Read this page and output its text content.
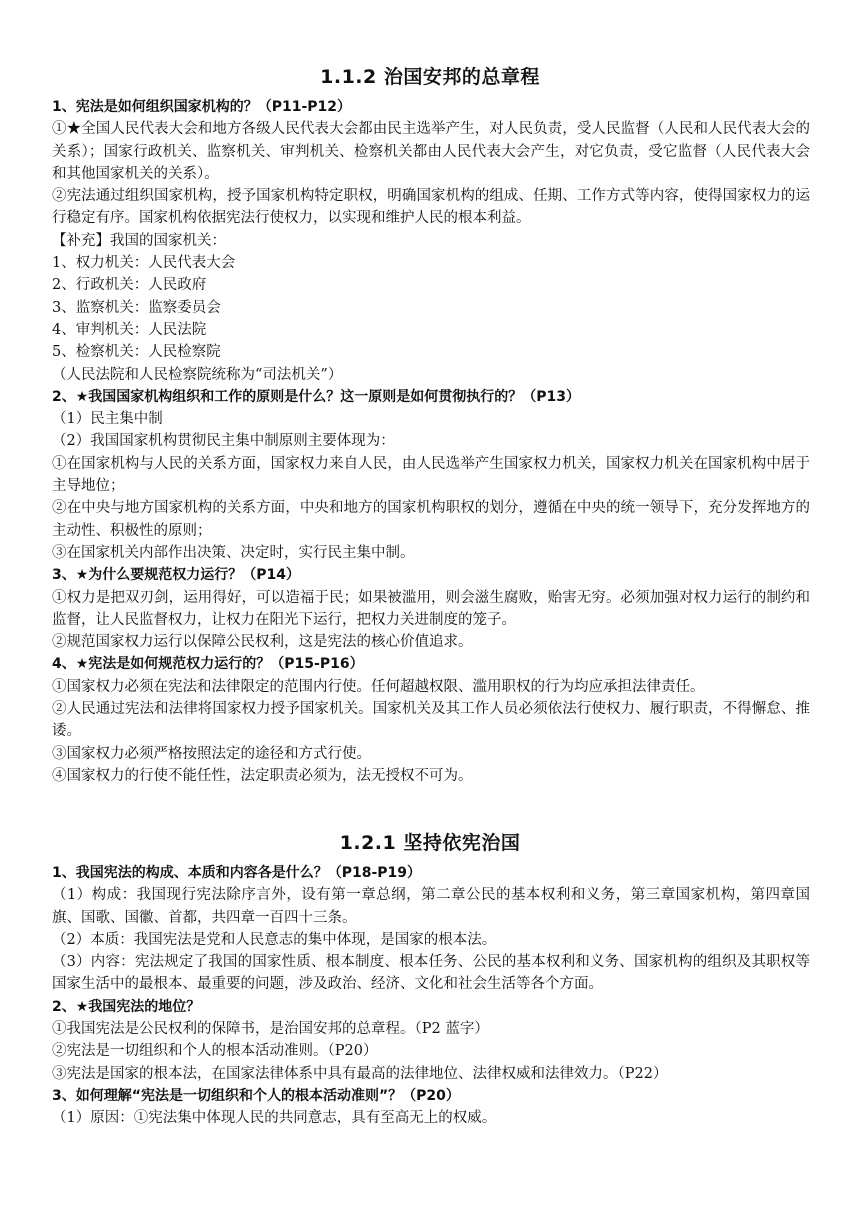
1.1.2 治国安邦的总章程
1、宪法是如何组织国家机构的？（P11-P12）
①★全国人民代表大会和地方各级人民代表大会都由民主选举产生，对人民负责，受人民监督（人民和人民代表大会的关系）；国家行政机关、监察机关、审判机关、检察机关都由人民代表大会产生，对它负责，受它监督（人民代表大会和其他国家机关的关系）。
②宪法通过组织国家机构，授予国家机构特定职权，明确国家机构的组成、任期、工作方式等内容，使得国家权力的运行稳定有序。国家机构依据宪法行使权力，以实现和维护人民的根本利益。
【补充】我国的国家机关：
1、权力机关：人民代表大会
2、行政机关：人民政府
3、监察机关：监察委员会
4、审判机关：人民法院
5、检察机关：人民检察院
（人民法院和人民检察院统称为“司法机关”）
2、★我国国家机构组织和工作的原则是什么？这一原则是如何贯彻执行的？（P13）
（1）民主集中制
（2）我国国家机构贯彻民主集中制原则主要体现为：
①在国家机构与人民的关系方面，国家权力来自人民，由人民选举产生国家权力机关，国家权力机关在国家机构中居于主导地位；
②在中央与地方国家机构的关系方面，中央和地方的国家机构职权的划分，遵循在中央的统一领导下，充分发挥地方的主动性、积极性的原则；
③在国家机关内部作出决策、决定时，实行民主集中制。
3、★为什么要规范权力运行？（P14）
①权力是把双刃剑，运用得好，可以造福于民；如果被滥用，则会滋生腐败，贻害无穷。必须加强对权力运行的制约和监督，让人民监督权力，让权力在阳光下运行，把权力关进制度的笼子。
②规范国家权力运行以保障公民权利，这是宪法的核心价值追求。
4、★宪法是如何规范权力运行的？（P15-P16）
①国家权力必须在宪法和法律限定的范围内行使。任何超越权限、滥用职权的行为均应承担法律责任。
②人民通过宪法和法律将国家权力授予国家机关。国家机关及其工作人员必须依法行使权力、履行职责，不得懈怠、推诿。
③国家权力必须严格按照法定的途径和方式行使。
④国家权力的行使不能任性，法定职责必须为，法无授权不可为。
1.2.1 坚持依宪治国
1、我国宪法的构成、本质和内容各是什么？（P18-P19）
（1）构成：我国现行宪法除序言外，设有第一章总纲，第二章公民的基本权利和义务，第三章国家机构，第四章国旗、国歌、国徽、首都，共四章一百四十三条。
（2）本质：我国宪法是党和人民意志的集中体现，是国家的根本法。
（3）内容：宪法规定了我国的国家性质、根本制度、根本任务、公民的基本权利和义务、国家机构的组织及其职权等国家生活中的最根本、最重要的问题，涉及政治、经济、文化和社会生活等各个方面。
2、★我国宪法的地位？
①我国宪法是公民权利的保障书，是治国安邦的总章程。（P2 蓝字）
②宪法是一切组织和个人的根本活动准则。（P20）
③宪法是国家的根本法，在国家法律体系中具有最高的法律地位、法律权威和法律效力。（P22）
3、如何理解“宪法是一切组织和个人的根本活动准则”？（P20）
（1）原因：①宪法集中体现人民的共同意志，具有至高无上的权威。
